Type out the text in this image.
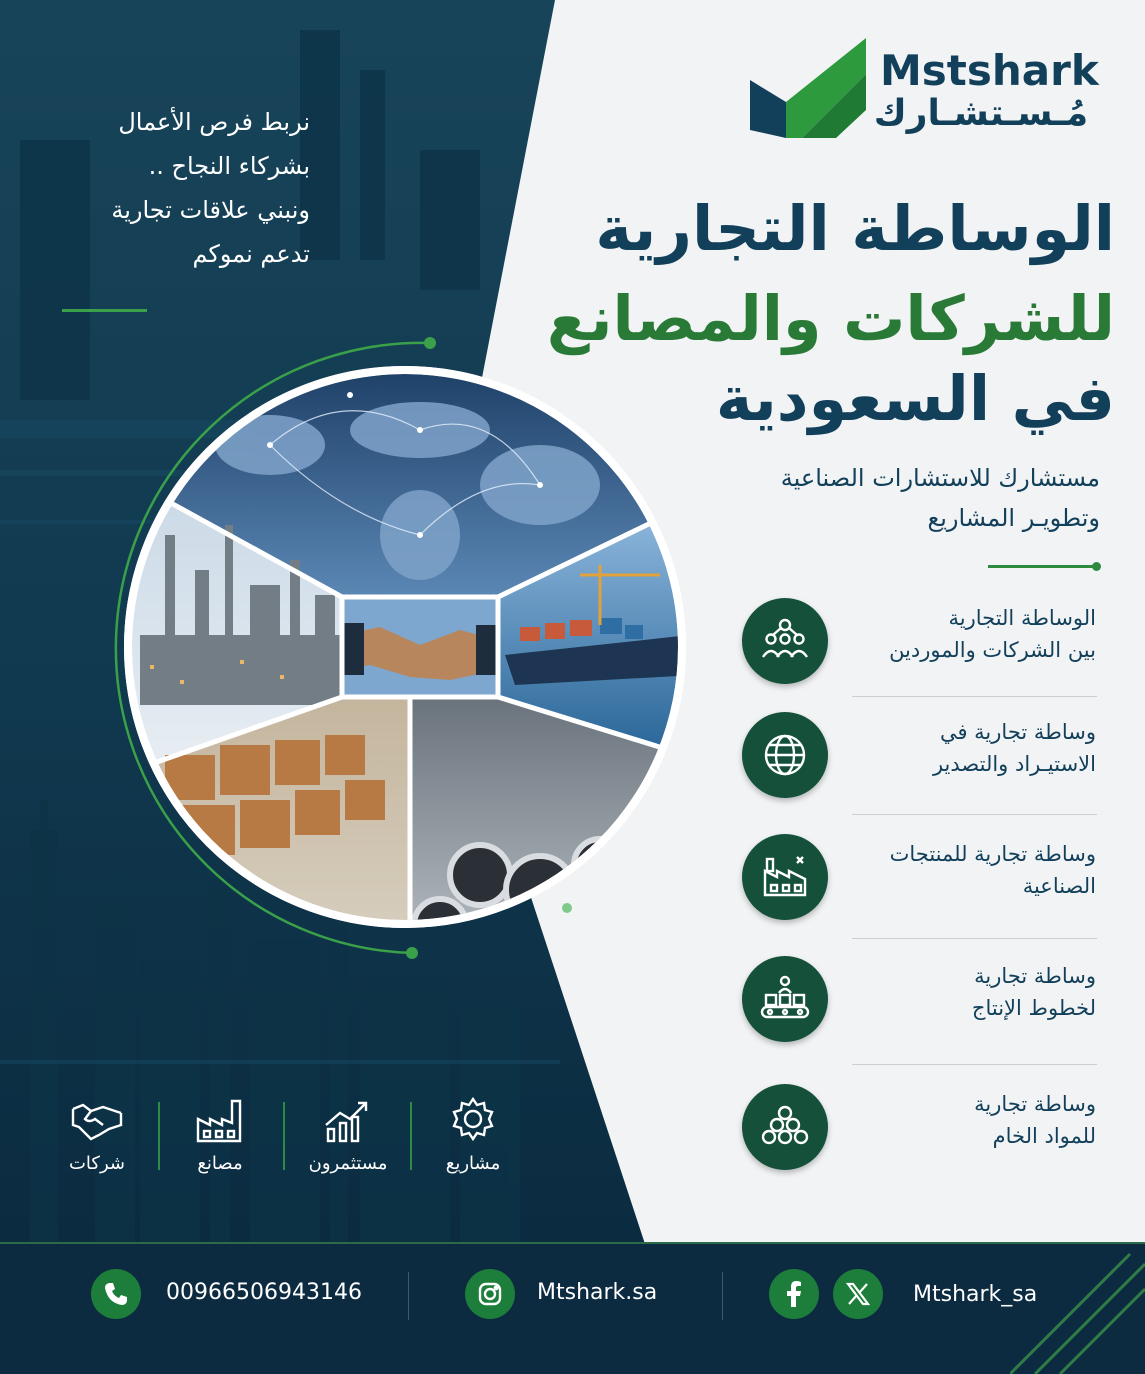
نربط فرص الأعمال
بشركاء النجاح ..
ونبني علاقات تجارية
تدعم نموكم
Mstshark
مُـسـتشـارك
الوساطة التجارية
للشركات والمصانع
في السعودية
مستشارك للاستشارات الصناعية
وتطويـر المشاريع
الوساطة التجارية
بين الشركات والموردين
وساطة تجارية في
الاستيـراد والتصدير
وساطة تجارية للمنتجات
الصناعية
وساطة تجارية
لخطوط الإنتاج
وساطة تجارية
للمواد الخام
شركات	مصانع	مستثمرون	مشاريع
00966506943146	Mtshark.sa	Mtshark_sa
